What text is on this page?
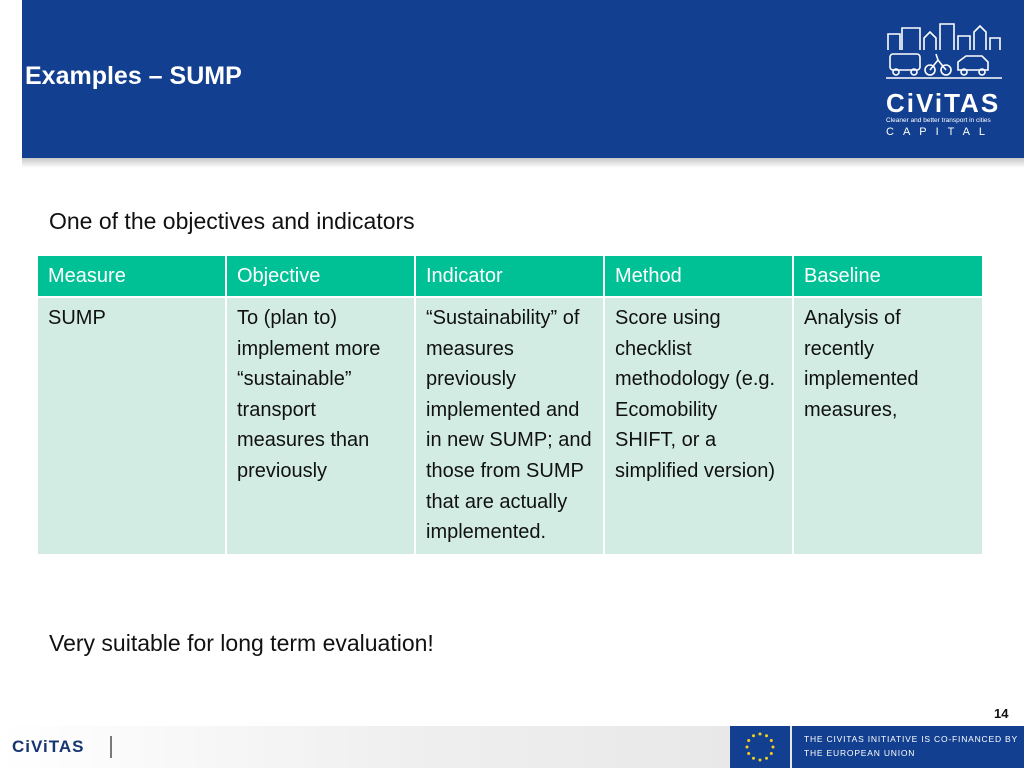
Examples – SUMP
CiViTAS
Cleaner and better transport in cities
CAPITAL
One of the objectives and indicators
Measure	Objective	Indicator	Method	Baseline
SUMP	To (plan to) implement more “sustainable” transport measures than previously	“Sustainability” of measures previously implemented and in new SUMP; and those from SUMP that are actually implemented.	Score using checklist methodology (e.g. Ecomobility SHIFT, or a simplified version)	Analysis of recently implemented measures,
Very suitable for long term evaluation!
14
CiViTAS	THE CIVITAS INITIATIVE IS CO-FINANCED BY THE EUROPEAN UNION
